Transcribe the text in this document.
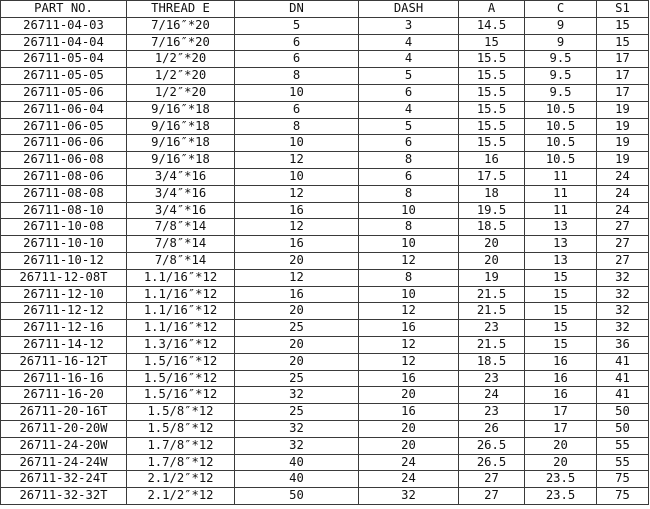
PART NO.	THREAD E	DN	DASH	A	C	S1
26711-04-03	7/16″*20	5	3	14.5	9	15
26711-04-04	7/16″*20	6	4	15	9	15
26711-05-04	1/2″*20	6	4	15.5	9.5	17
26711-05-05	1/2″*20	8	5	15.5	9.5	17
26711-05-06	1/2″*20	10	6	15.5	9.5	17
26711-06-04	9/16″*18	6	4	15.5	10.5	19
26711-06-05	9/16″*18	8	5	15.5	10.5	19
26711-06-06	9/16″*18	10	6	15.5	10.5	19
26711-06-08	9/16″*18	12	8	16	10.5	19
26711-08-06	3/4″*16	10	6	17.5	11	24
26711-08-08	3/4″*16	12	8	18	11	24
26711-08-10	3/4″*16	16	10	19.5	11	24
26711-10-08	7/8″*14	12	8	18.5	13	27
26711-10-10	7/8″*14	16	10	20	13	27
26711-10-12	7/8″*14	20	12	20	13	27
26711-12-08T	1.1/16″*12	12	8	19	15	32
26711-12-10	1.1/16″*12	16	10	21.5	15	32
26711-12-12	1.1/16″*12	20	12	21.5	15	32
26711-12-16	1.1/16″*12	25	16	23	15	32
26711-14-12	1.3/16″*12	20	12	21.5	15	36
26711-16-12T	1.5/16″*12	20	12	18.5	16	41
26711-16-16	1.5/16″*12	25	16	23	16	41
26711-16-20	1.5/16″*12	32	20	24	16	41
26711-20-16T	1.5/8″*12	25	16	23	17	50
26711-20-20W	1.5/8″*12	32	20	26	17	50
26711-24-20W	1.7/8″*12	32	20	26.5	20	55
26711-24-24W	1.7/8″*12	40	24	26.5	20	55
26711-32-24T	2.1/2″*12	40	24	27	23.5	75
26711-32-32T	2.1/2″*12	50	32	27	23.5	75
